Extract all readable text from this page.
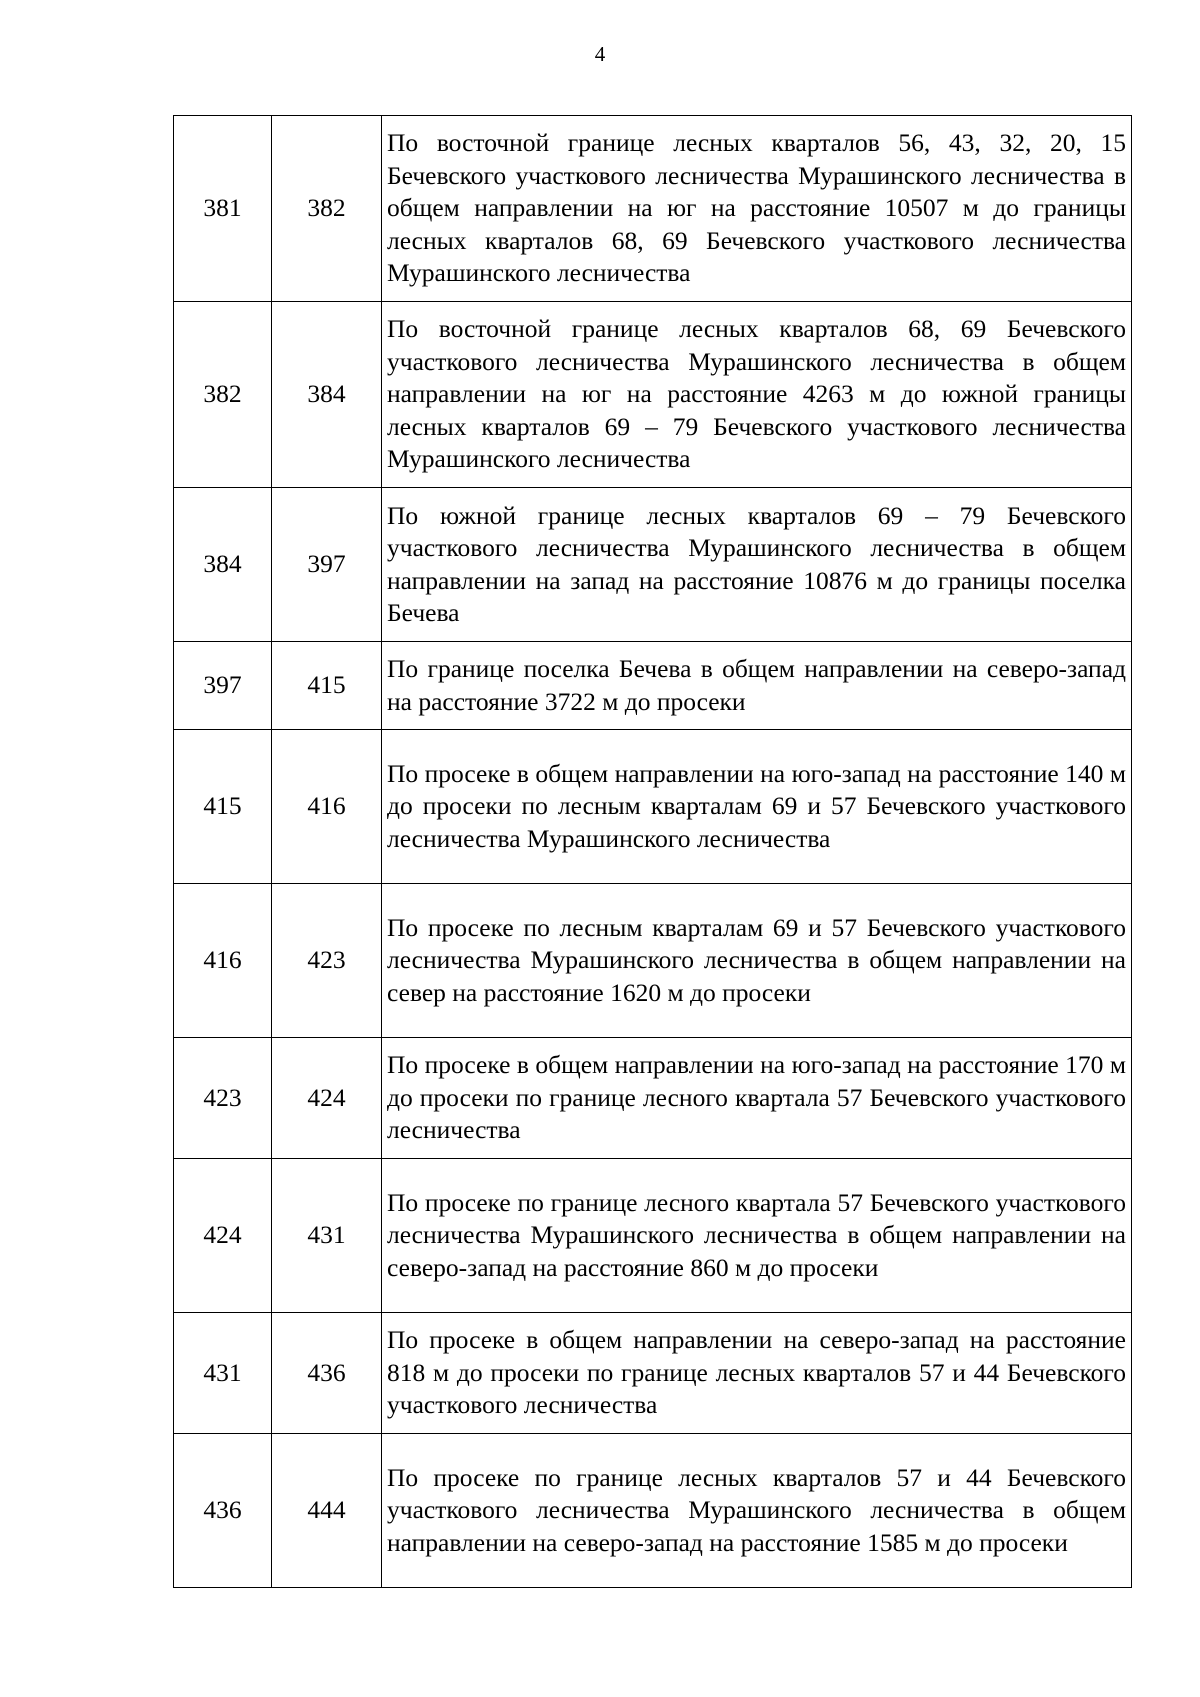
4
381	382	По восточной границе лесных кварталов 56, 43, 32, 20, 15 Бечевского участкового лесничества Мурашинского лесничества в общем направлении на юг на расстояние 10507 м до границы лесных кварталов 68, 69 Бечевского участкового лесничества Мурашинского лесничества
382	384	По восточной границе лесных кварталов 68, 69 Бечевского участкового лесничества Мурашинского лесничества в общем направлении на юг на расстояние 4263 м до южной границы лесных кварталов 69 – 79 Бечевского участкового лесничества Мурашинского лесничества
384	397	По южной границе лесных кварталов 69 – 79 Бечевского участкового лесничества Мурашинского лесничества в общем направлении на запад на расстояние 10876 м до границы поселка Бечева
397	415	По границе поселка Бечева в общем направлении на северо-запад на расстояние 3722 м до просеки
415	416	По просеке в общем направлении на юго-запад на расстояние 140 м до просеки по лесным кварталам 69 и 57 Бечевского участкового лесничества Мурашинского лесничества
416	423	По просеке по лесным кварталам 69 и 57 Бечевского участкового лесничества Мурашинского лесничества в общем направлении на север на расстояние 1620 м до просеки
423	424	По просеке в общем направлении на юго-запад на расстояние 170 м до просеки по границе лесного квартала 57 Бечевского участкового лесничества
424	431	По просеке по границе лесного квартала 57 Бечевского участкового лесничества Мурашинского лесничества в общем направлении на северо-запад на расстояние 860 м до просеки
431	436	По просеке в общем направлении на северо-запад на расстояние 818 м до просеки по границе лесных кварталов 57 и 44 Бечевского участкового лесничества
436	444	По просеке по границе лесных кварталов 57 и 44 Бечевского участкового лесничества Мурашинского лесничества в общем направлении на северо-запад на расстояние 1585 м до просеки
